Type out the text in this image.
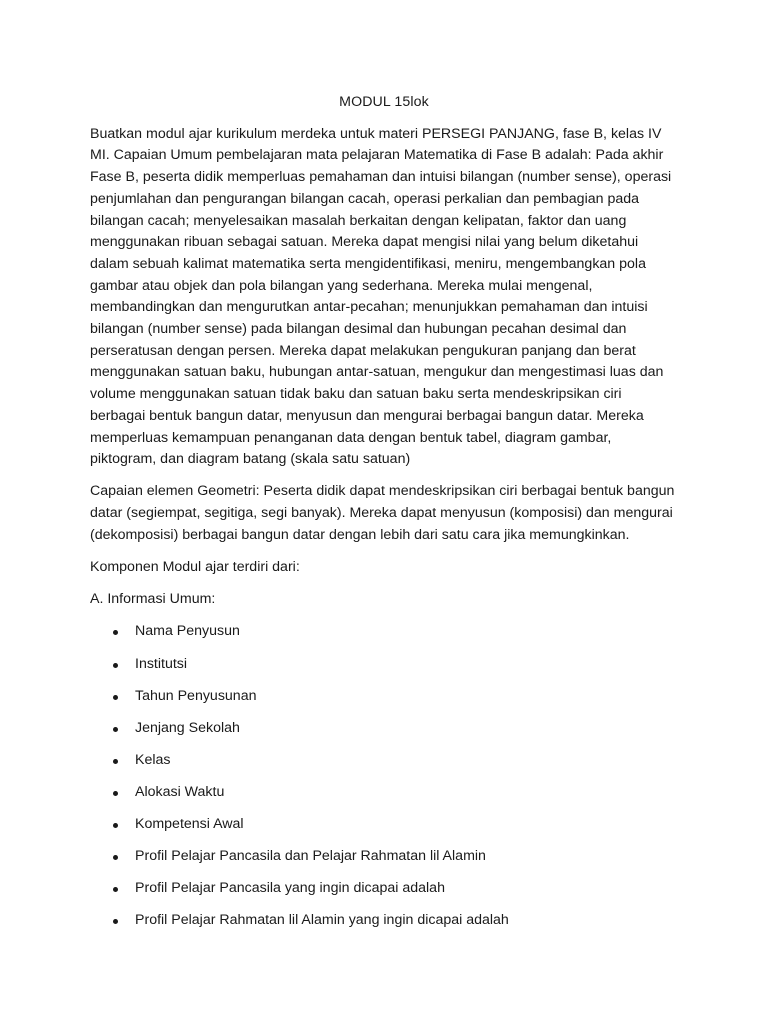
MODUL 15lok

Buatkan modul ajar kurikulum merdeka untuk materi PERSEGI PANJANG, fase B, kelas IV MI. Capaian Umum pembelajaran mata pelajaran Matematika di Fase B adalah: Pada akhir Fase B, peserta didik memperluas pemahaman dan intuisi bilangan (number sense), operasi penjumlahan dan pengurangan bilangan cacah, operasi perkalian dan pembagian pada bilangan cacah; menyelesaikan masalah berkaitan dengan kelipatan, faktor dan uang menggunakan ribuan sebagai satuan. Mereka dapat mengisi nilai yang belum diketahui dalam sebuah kalimat matematika serta mengidentifikasi, meniru, mengembangkan pola gambar atau objek dan pola bilangan yang sederhana. Mereka mulai mengenal, membandingkan dan mengurutkan antar-pecahan; menunjukkan pemahaman dan intuisi bilangan (number sense) pada bilangan desimal dan hubungan pecahan desimal dan perseratusan dengan persen. Mereka dapat melakukan pengukuran panjang dan berat menggunakan satuan baku, hubungan antar-satuan, mengukur dan mengestimasi luas dan volume menggunakan satuan tidak baku dan satuan baku serta mendeskripsikan ciri berbagai bentuk bangun datar, menyusun dan mengurai berbagai bangun datar. Mereka memperluas kemampuan penanganan data dengan bentuk tabel, diagram gambar, piktogram, dan diagram batang (skala satu satuan)

Capaian elemen Geometri: Peserta didik dapat mendeskripsikan ciri berbagai bentuk bangun datar (segiempat, segitiga, segi banyak). Mereka dapat menyusun (komposisi) dan mengurai (dekomposisi) berbagai bangun datar dengan lebih dari satu cara jika memungkinkan.

Komponen Modul ajar terdiri dari:

A. Informasi Umum:

Nama Penyusun
Institutsi
Tahun Penyusunan
Jenjang Sekolah
Kelas
Alokasi Waktu
Kompetensi Awal
Profil Pelajar Pancasila dan Pelajar Rahmatan lil Alamin
Profil Pelajar Pancasila yang ingin dicapai adalah
Profil Pelajar Rahmatan lil Alamin yang ingin dicapai adalah
